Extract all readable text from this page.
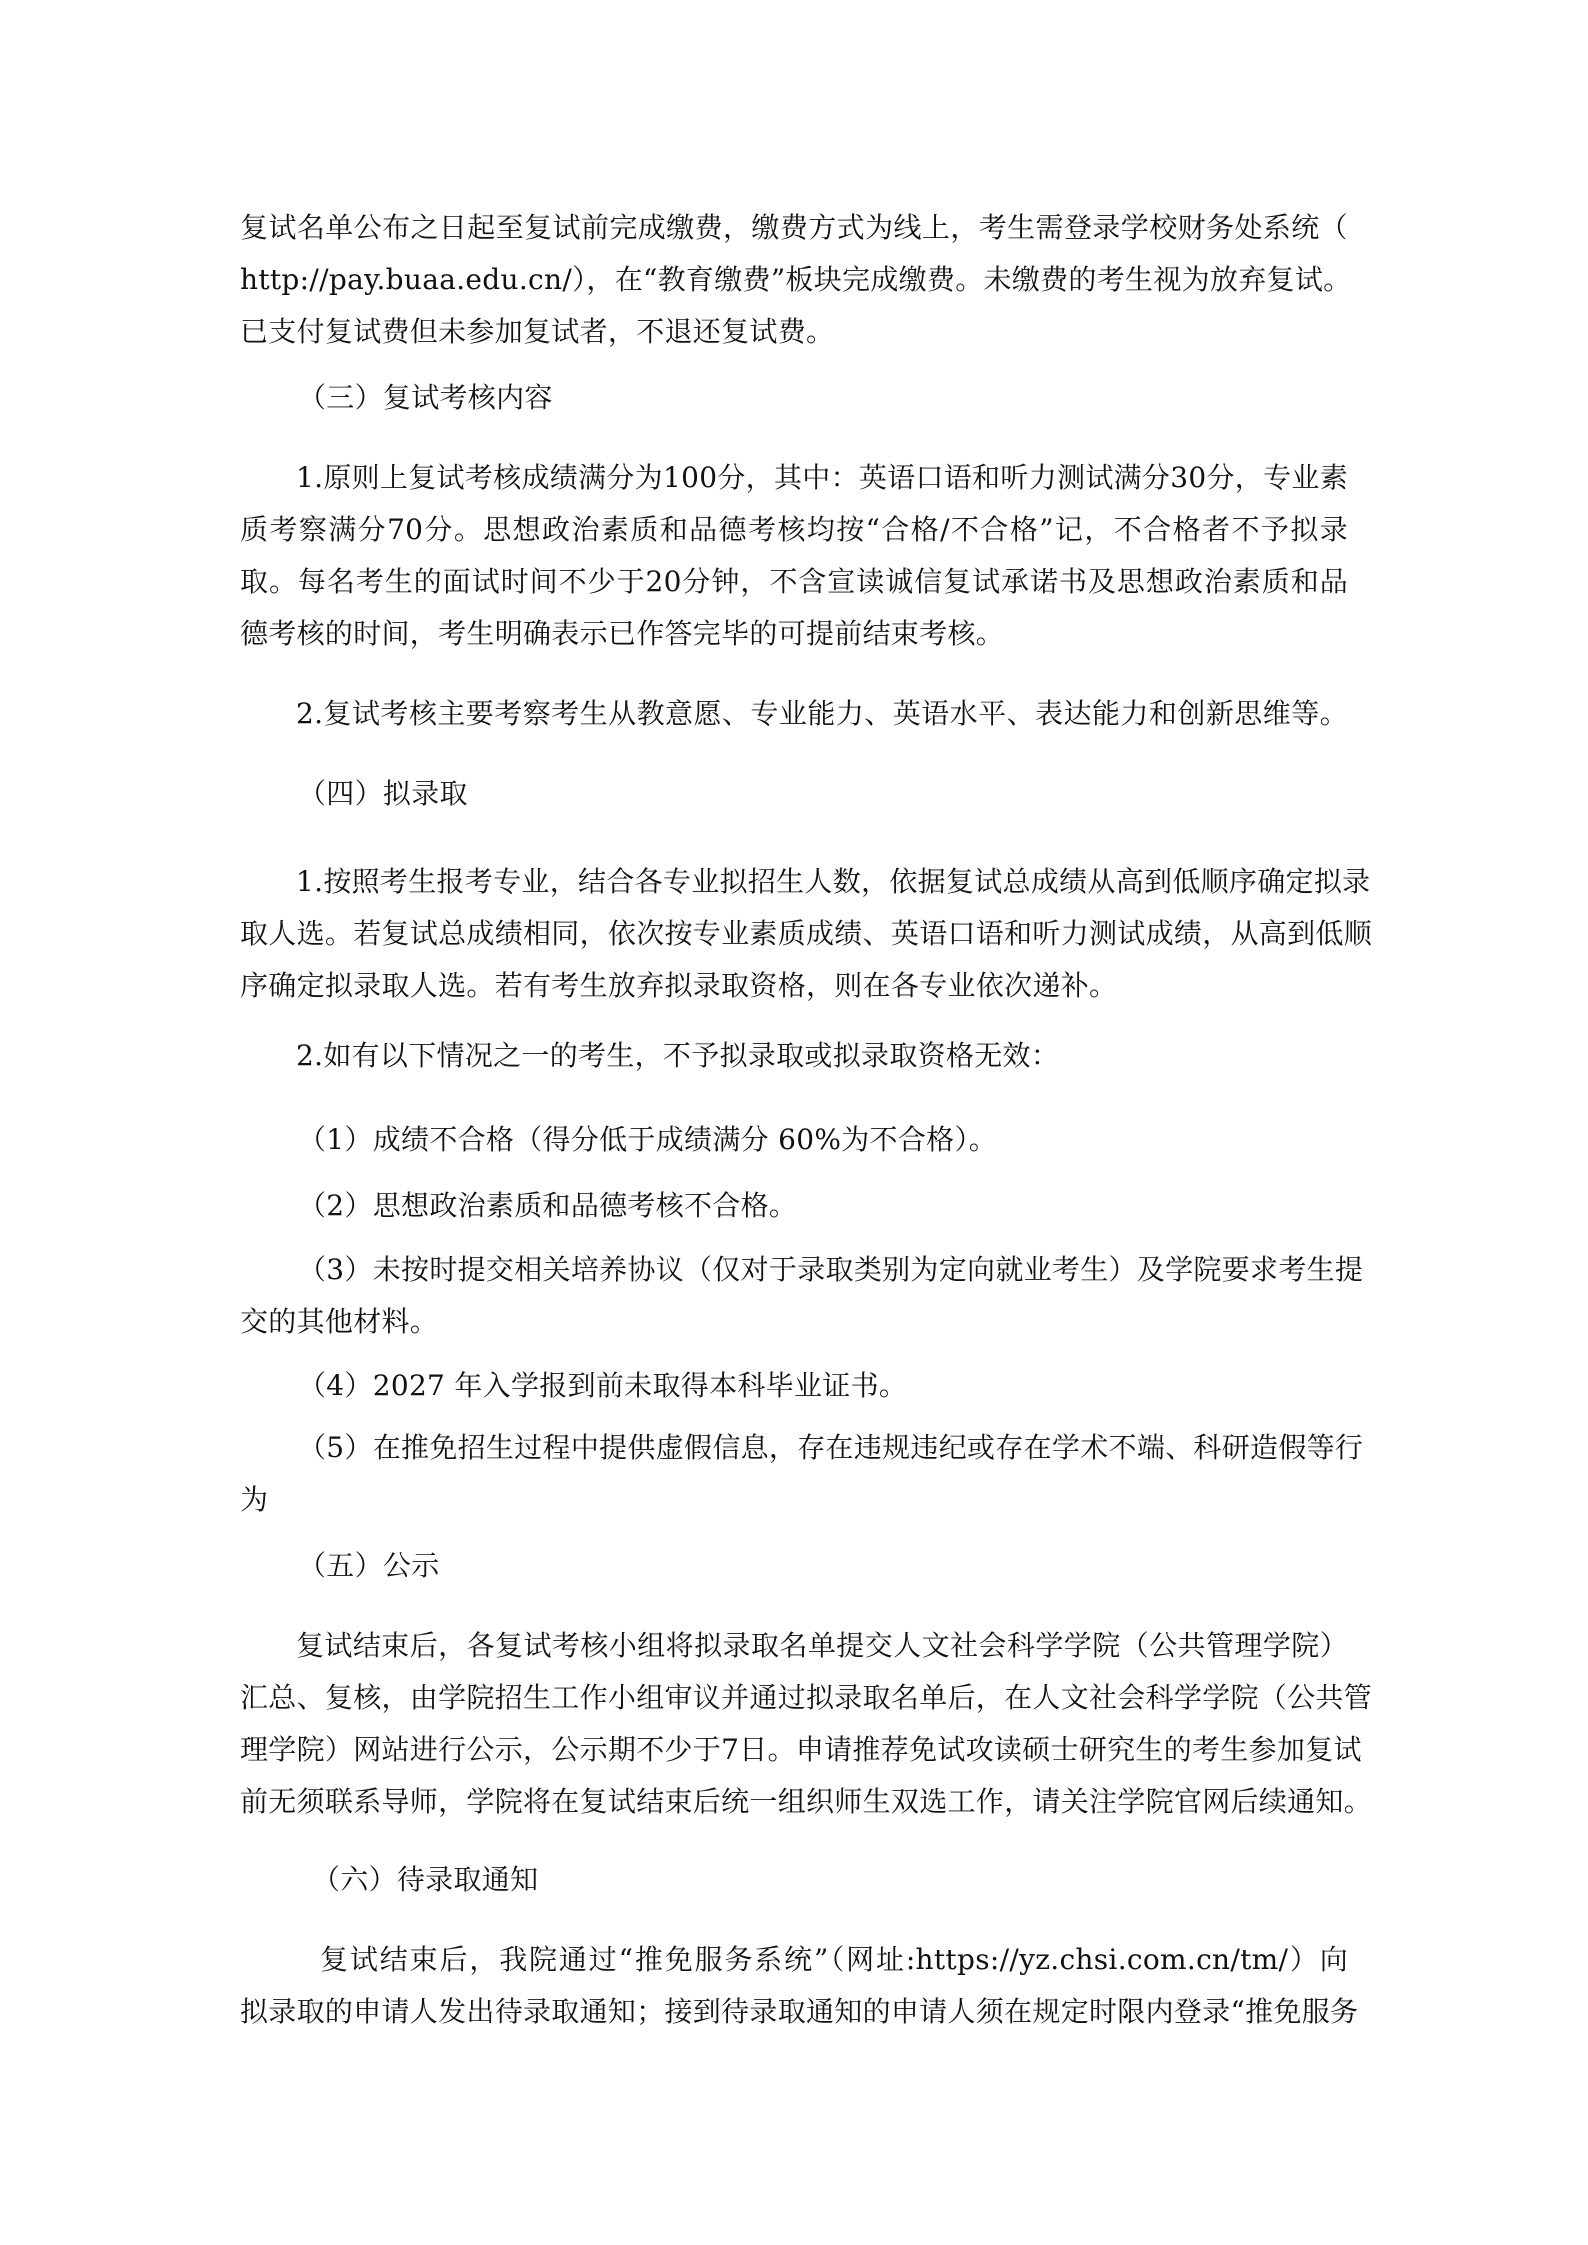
复试名单公布之日起至复试前完成缴费，缴费方式为线上，考生需登录学校财务处系统（
http://pay.buaa.edu.cn/），在“教育缴费”板块完成缴费。未缴费的考生视为放弃复试。
已支付复试费但未参加复试者，不退还复试费。
（三）复试考核内容
1.原则上复试考核成绩满分为100分，其中：英语口语和听力测试满分30分，专业素
质考察满分70分。思想政治素质和品德考核均按“合格/不合格”记，不合格者不予拟录
取。每名考生的面试时间不少于20分钟，不含宣读诚信复试承诺书及思想政治素质和品
德考核的时间，考生明确表示已作答完毕的可提前结束考核。
2.复试考核主要考察考生从教意愿、专业能力、英语水平、表达能力和创新思维等。
（四）拟录取
1.按照考生报考专业，结合各专业拟招生人数，依据复试总成绩从高到低顺序确定拟录
取人选。若复试总成绩相同，依次按专业素质成绩、英语口语和听力测试成绩，从高到低顺
序确定拟录取人选。若有考生放弃拟录取资格，则在各专业依次递补。
2.如有以下情况之一的考生，不予拟录取或拟录取资格无效：
（1）成绩不合格（得分低于成绩满分 60%为不合格）。
（2）思想政治素质和品德考核不合格。
（3）未按时提交相关培养协议（仅对于录取类别为定向就业考生）及学院要求考生提
交的其他材料。
（4）2027 年入学报到前未取得本科毕业证书。
（5）在推免招生过程中提供虚假信息，存在违规违纪或存在学术不端、科研造假等行
为
（五）公示
复试结束后，各复试考核小组将拟录取名单提交人文社会科学学院（公共管理学院）
汇总、复核，由学院招生工作小组审议并通过拟录取名单后，在人文社会科学学院（公共管
理学院）网站进行公示，公示期不少于7日。申请推荐免试攻读硕士研究生的考生参加复试
前无须联系导师，学院将在复试结束后统一组织师生双选工作，请关注学院官网后续通知。
（六）待录取通知
复试结束后，我院通过“推免服务系统”（网址:https://yz.chsi.com.cn/tm/）向
拟录取的申请人发出待录取通知；接到待录取通知的申请人须在规定时限内登录“推免服务
